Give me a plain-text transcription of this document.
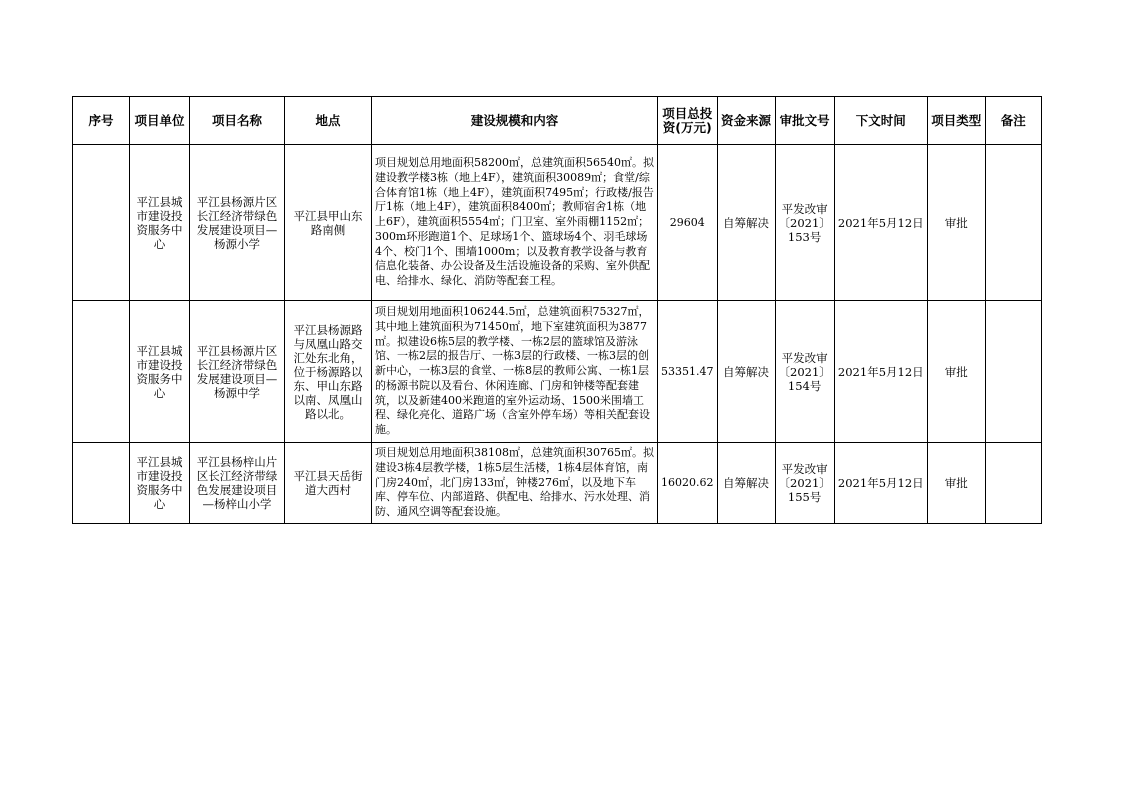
序号	项目单位	项目名称	地点	建设规模和内容	项目总投资(万元)	资金来源	审批文号	下文时间	项目类型	备注
	平江县城市建设投资服务中心	平江县杨源片区长江经济带绿色发展建设项目—杨源小学	平江县甲山东路南侧	项目规划总用地面积58200㎡，总建筑面积56540㎡。拟建设教学楼3栋（地上4F），建筑面积30089㎡；食堂/综合体育馆1栋（地上4F），建筑面积7495㎡；行政楼/报告厅1栋（地上4F），建筑面积8400㎡；教师宿舍1栋（地上6F），建筑面积5554㎡；门卫室、室外雨棚1152㎡；300m环形跑道1个、足球场1个、篮球场4个、羽毛球场4个、校门1个、围墙1000m；以及教育教学设备与教育信息化装备、办公设备及生活设施设备的采购、室外供配电、给排水、绿化、消防等配套工程。	29604	自筹解决	平发改审〔2021〕153号	2021年5月12日	审批	
	平江县城市建设投资服务中心	平江县杨源片区长江经济带绿色发展建设项目—杨源中学	平江县杨源路与凤凰山路交汇处东北角，位于杨源路以东、甲山东路以南、凤凰山路以北。	项目规划用地面积106244.5㎡，总建筑面积75327㎡，其中地上建筑面积为71450㎡，地下室建筑面积为3877㎡。拟建设6栋5层的教学楼、一栋2层的篮球馆及游泳馆、一栋2层的报告厅、一栋3层的行政楼、一栋3层的创新中心，一栋3层的食堂、一栋8层的教师公寓、一栋1层的杨源书院以及看台、休闲连廊、门房和钟楼等配套建筑，以及新建400米跑道的室外运动场、1500米围墙工程、绿化亮化、道路广场（含室外停车场）等相关配套设施。	53351.47	自筹解决	平发改审〔2021〕154号	2021年5月12日	审批	
	平江县城市建设投资服务中心	平江县杨梓山片区长江经济带绿色发展建设项目—杨梓山小学	平江县天岳街道大西村	项目规划总用地面积38108㎡，总建筑面积30765㎡。拟建设3栋4层教学楼，1栋5层生活楼，1栋4层体育馆，南门房240㎡，北门房133㎡，钟楼276㎡，以及地下车库、停车位、内部道路、供配电、给排水、污水处理、消防、通风空调等配套设施。	16020.62	自筹解决	平发改审〔2021〕155号	2021年5月12日	审批	
